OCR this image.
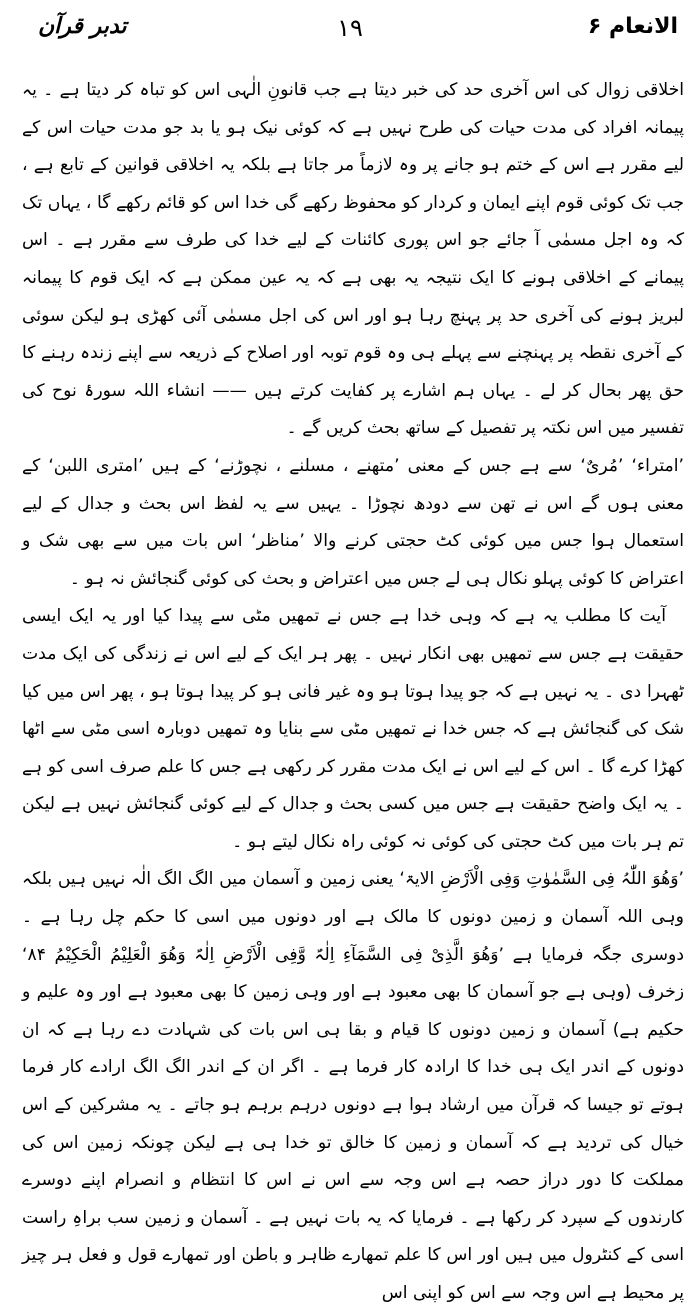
الانعام ۶
١٩
تدبر قرآن

اخلاقی زوال کی اس آخری حد کی خبر دیتا ہے جب قانونِ الٰہی اس کو تباہ کر دیتا ہے ۔ یہ پیمانہ افراد کی مدت حیات کی طرح نہیں ہے کہ کوئی نیک ہو یا بد جو مدت حیات اس کے لیے مقرر ہے اس کے ختم ہو جانے پر وہ لازماً مر جاتا ہے بلکہ یہ اخلاقی قوانین کے تابع ہے ، جب تک کوئی قوم اپنے ایمان و کردار کو محفوظ رکھے گی خدا اس کو قائم رکھے گا ، یہاں تک کہ وہ اجل مسمٰی آ جائے جو اس پوری کائنات کے لیے خدا کی طرف سے مقرر ہے ۔ اس پیمانے کے اخلاقی ہونے کا ایک نتیجہ یہ بھی ہے کہ یہ عین ممکن ہے کہ ایک قوم کا پیمانہ لبریز ہونے کی آخری حد پر پہنچ رہا ہو اور اس کی اجل مسمٰی آئی کھڑی ہو لیکن سوئی کے آخری نقطہ پر پہنچنے سے پہلے ہی وہ قوم توبہ اور اصلاح کے ذریعہ سے اپنے زندہ رہنے کا حق پھر بحال کر لے ۔ یہاں ہم اشارے پر کفایت کرتے ہیں —— انشاء اللہ سورۂ نوح کی تفسیر میں اس نکتہ پر تفصیل کے ساتھ بحث کریں گے ۔

’امتراء‘ ’مُریٌ‘ سے ہے جس کے معنی ’متھنے ، مسلنے ، نچوڑنے‘ کے ہیں ’امتری اللبن‘ کے معنی ہوں گے اس نے تھن سے دودھ نچوڑا ۔ یہیں سے یہ لفظ اس بحث و جدال کے لیے استعمال ہوا جس میں کوئی کٹ حجتی کرنے والا ’مناظر‘ اس بات میں سے بھی شک و اعتراض کا کوئی پہلو نکال ہی لے جس میں اعتراض و بحث کی کوئی گنجائش نہ ہو ۔

آیت کا مطلب یہ ہے کہ وہی خدا ہے جس نے تمھیں مٹی سے پیدا کیا اور یہ ایک ایسی حقیقت ہے جس سے تمھیں بھی انکار نہیں ۔ پھر ہر ایک کے لیے اس نے زندگی کی ایک مدت ٹھہرا دی ۔ یہ نہیں ہے کہ جو پیدا ہوتا ہو وہ غیر فانی ہو کر پیدا ہوتا ہو ، پھر اس میں کیا شک کی گنجائش ہے کہ جس خدا نے تمھیں مٹی سے بنایا وہ تمھیں دوبارہ اسی مٹی سے اٹھا کھڑا کرے گا ۔ اس کے لیے اس نے ایک مدت مقرر کر رکھی ہے جس کا علم صرف اسی کو ہے ۔ یہ ایک واضح حقیقت ہے جس میں کسی بحث و جدال کے لیے کوئی گنجائش نہیں ہے لیکن تم ہر بات میں کٹ حجتی کی کوئی نہ کوئی راہ نکال لیتے ہو ۔

’وَھُوَ اللّٰہُ فِی السَّمٰوٰتِ وَفِی الْاَرْضِ الایۃ‘ یعنی زمین و آسمان میں الگ الگ الٰہ نہیں ہیں بلکہ وہی اللہ آسمان و زمین دونوں کا مالک ہے اور دونوں میں اسی کا حکم چل رہا ہے ۔ دوسری جگہ فرمایا ہے ’وَھُوَ الَّذِیْ فِی السَّمَآءِ اِلٰہٌ وَّفِی الْاَرْضِ اِلٰہٌ وَھُوَ الْعَلِیْمُ الْحَکِیْمُ ۸۴‘ زخرف (وہی ہے جو آسمان کا بھی معبود ہے اور وہی زمین کا بھی معبود ہے اور وہ علیم و حکیم ہے) آسمان و زمین دونوں کا قیام و بقا ہی اس بات کی شہادت دے رہا ہے کہ ان دونوں کے اندر ایک ہی خدا کا ارادہ کار فرما ہے ۔ اگر ان کے اندر الگ الگ ارادے کار فرما ہوتے تو جیسا کہ قرآن میں ارشاد ہوا ہے دونوں درہم برہم ہو جاتے ۔ یہ مشرکین کے اس خیال کی تردید ہے کہ آسمان و زمین کا خالق تو خدا ہی ہے لیکن چونکہ زمین اس کی مملکت کا دور دراز حصہ ہے اس وجہ سے اس نے اس کا انتظام و انصرام اپنے دوسرے کارندوں کے سپرد کر رکھا ہے ۔ فرمایا کہ یہ بات نہیں ہے ۔ آسمان و زمین سب براہِ راست اسی کے کنٹرول میں ہیں اور اس کا علم تمھارے ظاہر و باطن اور تمھارے قول و فعل ہر چیز پر محیط ہے اس وجہ سے اس کو اپنی اس
